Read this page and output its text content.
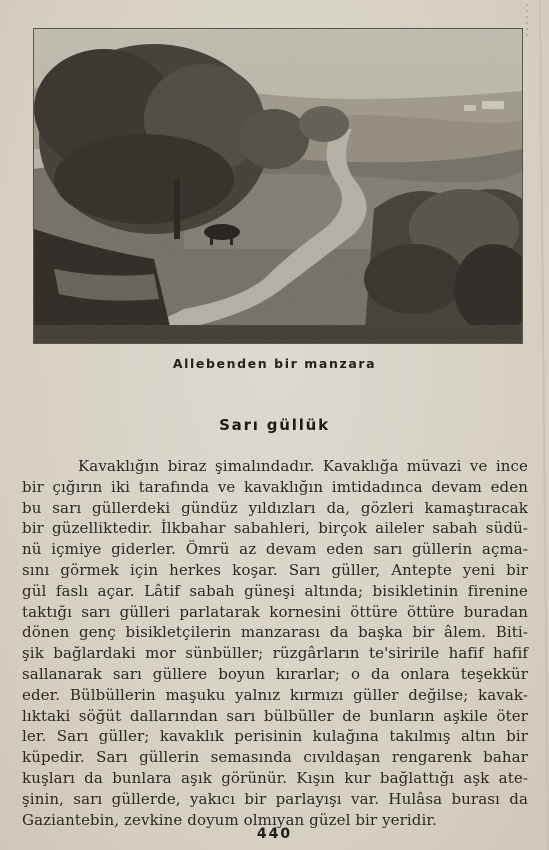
Allebenden bir manzara
Sarı güllük
Kavaklığın biraz şimalındadır. Kavaklığa müvazi ve ince
bir çığırın iki tarafında ve kavaklığın imtidadınca devam eden
bu sarı güllerdeki gündüz yıldızları da, gözleri kamaştıracak
bir güzelliktedir. İlkbahar sabahleri, birçok aileler sabah südü-
nü içmiye giderler. Ömrü az devam eden sarı güllerin açma-
sını görmek için herkes koşar. Sarı güller, Antepte yeni bir
gül faslı açar. Lâtif sabah güneşi altında; bisikletinin firenine
taktığı sarı gülleri parlatarak kornesini öttüre öttüre buradan
dönen genç bisikletçilerin manzarası da başka bir âlem. Biti-
şik bağlardaki mor sünbüller; rüzgârların te'siririle hafif hafif
sallanarak sarı güllere boyun kırarlar; o da onlara teşekkür
eder. Bülbüllerin maşuku yalnız kırmızı güller değilse; kavak-
lıktaki söğüt dallarından sarı bülbüller de bunların aşkile öter
ler. Sarı güller; kavaklık perisinin kulağına takılmış altın bir
küpedir. Sarı güllerin semasında cıvıldaşan rengarenk bahar
kuşları da bunlara aşık görünür. Kışın kur bağlattığı aşk ate-
şinin, sarı güllerde, yakıcı bir parlayışı var. Hulâsa burası da
Gaziantebin, zevkine doyum olmıyan güzel bir yeridir.
440
